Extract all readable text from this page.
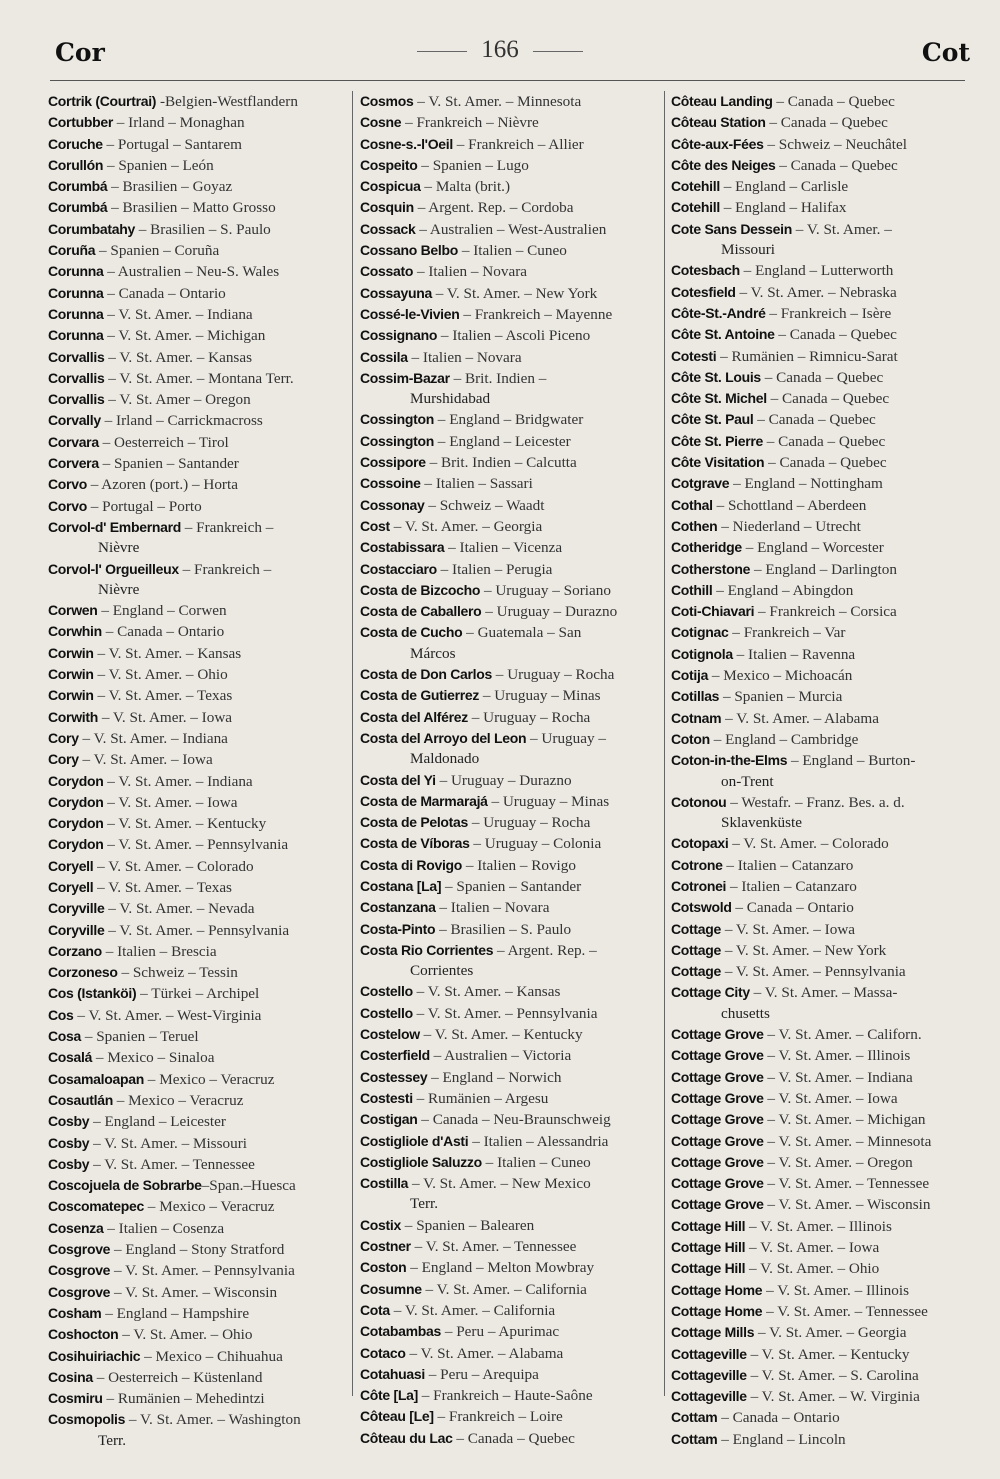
Cor	166	Cot
Cortrik (Courtrai) -Belgien-Westflandern
Cortubber – Irland – Monaghan
Coruche – Portugal – Santarem
Corullón – Spanien – León
Corumbá – Brasilien – Goyaz
Corumbá – Brasilien – Matto Grosso
Corumbatahy – Brasilien – S. Paulo
Coruña – Spanien – Coruña
Corunna – Australien – Neu-S. Wales
Corunna – Canada – Ontario
Corunna – V. St. Amer. – Indiana
Corunna – V. St. Amer. – Michigan
Corvallis – V. St. Amer. – Kansas
Corvallis – V. St. Amer. – Montana Terr.
Corvallis – V. St. Amer – Oregon
Corvally – Irland – Carrickmacross
Corvara – Oesterreich – Tirol
Corvera – Spanien – Santander
Corvo – Azoren (port.) – Horta
Corvo – Portugal – Porto
Corvol-d' Embernard – Frankreich –
Nièvre
Corvol-l' Orgueilleux – Frankreich –
Nièvre
Corwen – England – Corwen
Corwhin – Canada – Ontario
Corwin – V. St. Amer. – Kansas
Corwin – V. St. Amer. – Ohio
Corwin – V. St. Amer. – Texas
Corwith – V. St. Amer. – Iowa
Cory – V. St. Amer. – Indiana
Cory – V. St. Amer. – Iowa
Corydon – V. St. Amer. – Indiana
Corydon – V. St. Amer. – Iowa
Corydon – V. St. Amer. – Kentucky
Corydon – V. St. Amer. – Pennsylvania
Coryell – V. St. Amer. – Colorado
Coryell – V. St. Amer. – Texas
Coryville – V. St. Amer. – Nevada
Coryville – V. St. Amer. – Pennsylvania
Corzano – Italien – Brescia
Corzoneso – Schweiz – Tessin
Cos (Istanköi) – Türkei – Archipel
Cos – V. St. Amer. – West-Virginia
Cosa – Spanien – Teruel
Cosalá – Mexico – Sinaloa
Cosamaloapan – Mexico – Veracruz
Cosautlán – Mexico – Veracruz
Cosby – England – Leicester
Cosby – V. St. Amer. – Missouri
Cosby – V. St. Amer. – Tennessee
Coscojuela de Sobrarbe–Span.–Huesca
Coscomatepec – Mexico – Veracruz
Cosenza – Italien – Cosenza
Cosgrove – England – Stony Stratford
Cosgrove – V. St. Amer. – Pennsylvania
Cosgrove – V. St. Amer. – Wisconsin
Cosham – England – Hampshire
Coshocton – V. St. Amer. – Ohio
Cosihuiriachic – Mexico – Chihuahua
Cosina – Oesterreich – Küstenland
Cosmiru – Rumänien – Mehedintzi
Cosmopolis – V. St. Amer. – Washington
Terr.
Cosmos – V. St. Amer. – Minnesota
Cosne – Frankreich – Nièvre
Cosne-s.-l'Oeil – Frankreich – Allier
Cospeito – Spanien – Lugo
Cospicua – Malta (brit.)
Cosquin – Argent. Rep. – Cordoba
Cossack – Australien – West-Australien
Cossano Belbo – Italien – Cuneo
Cossato – Italien – Novara
Cossayuna – V. St. Amer. – New York
Cossé-le-Vivien – Frankreich – Mayenne
Cossignano – Italien – Ascoli Piceno
Cossila – Italien – Novara
Cossim-Bazar – Brit. Indien –
Murshidabad
Cossington – England – Bridgwater
Cossington – England – Leicester
Cossipore – Brit. Indien – Calcutta
Cossoine – Italien – Sassari
Cossonay – Schweiz – Waadt
Cost – V. St. Amer. – Georgia
Costabissara – Italien – Vicenza
Costacciaro – Italien – Perugia
Costa de Bizcocho – Uruguay – Soriano
Costa de Caballero – Uruguay – Durazno
Costa de Cucho – Guatemala – San
Márcos
Costa de Don Carlos – Uruguay – Rocha
Costa de Gutierrez – Uruguay – Minas
Costa del Alférez – Uruguay – Rocha
Costa del Arroyo del Leon – Uruguay –
Maldonado
Costa del Yi – Uruguay – Durazno
Costa de Marmarajá – Uruguay – Minas
Costa de Pelotas – Uruguay – Rocha
Costa de Víboras – Uruguay – Colonia
Costa di Rovigo – Italien – Rovigo
Costana [La] – Spanien – Santander
Costanzana – Italien – Novara
Costa-Pinto – Brasilien – S. Paulo
Costa Rio Corrientes – Argent. Rep. –
Corrientes
Costello – V. St. Amer. – Kansas
Costello – V. St. Amer. – Pennsylvania
Costelow – V. St. Amer. – Kentucky
Costerfield – Australien – Victoria
Costessey – England – Norwich
Costesti – Rumänien – Argesu
Costigan – Canada – Neu-Braunschweig
Costigliole d'Asti – Italien – Alessandria
Costigliole Saluzzo – Italien – Cuneo
Costilla – V. St. Amer. – New Mexico
Terr.
Costix – Spanien – Balearen
Costner – V. St. Amer. – Tennessee
Coston – England – Melton Mowbray
Cosumne – V. St. Amer. – California
Cota – V. St. Amer. – California
Cotabambas – Peru – Apurimac
Cotaco – V. St. Amer. – Alabama
Cotahuasi – Peru – Arequipa
Côte [La] – Frankreich – Haute-Saône
Côteau [Le] – Frankreich – Loire
Côteau du Lac – Canada – Quebec
Côteau Landing – Canada – Quebec
Côteau Station – Canada – Quebec
Côte-aux-Fées – Schweiz – Neuchâtel
Côte des Neiges – Canada – Quebec
Cotehill – England – Carlisle
Cotehill – England – Halifax
Cote Sans Dessein – V. St. Amer. –
Missouri
Cotesbach – England – Lutterworth
Cotesfield – V. St. Amer. – Nebraska
Côte-St.-André – Frankreich – Isère
Côte St. Antoine – Canada – Quebec
Cotesti – Rumänien – Rimnicu-Sarat
Côte St. Louis – Canada – Quebec
Côte St. Michel – Canada – Quebec
Côte St. Paul – Canada – Quebec
Côte St. Pierre – Canada – Quebec
Côte Visitation – Canada – Quebec
Cotgrave – England – Nottingham
Cothal – Schottland – Aberdeen
Cothen – Niederland – Utrecht
Cotheridge – England – Worcester
Cotherstone – England – Darlington
Cothill – England – Abingdon
Coti-Chiavari – Frankreich – Corsica
Cotignac – Frankreich – Var
Cotignola – Italien – Ravenna
Cotija – Mexico – Michoacán
Cotillas – Spanien – Murcia
Cotnam – V. St. Amer. – Alabama
Coton – England – Cambridge
Coton-in-the-Elms – England – Burton-
on-Trent
Cotonou – Westafr. – Franz. Bes. a. d.
Sklavenküste
Cotopaxi – V. St. Amer. – Colorado
Cotrone – Italien – Catanzaro
Cotronei – Italien – Catanzaro
Cotswold – Canada – Ontario
Cottage – V. St. Amer. – Iowa
Cottage – V. St. Amer. – New York
Cottage – V. St. Amer. – Pennsylvania
Cottage City – V. St. Amer. – Massa-
chusetts
Cottage Grove – V. St. Amer. – Californ.
Cottage Grove – V. St. Amer. – Illinois
Cottage Grove – V. St. Amer. – Indiana
Cottage Grove – V. St. Amer. – Iowa
Cottage Grove – V. St. Amer. – Michigan
Cottage Grove – V. St. Amer. – Minnesota
Cottage Grove – V. St. Amer. – Oregon
Cottage Grove – V. St. Amer. – Tennessee
Cottage Grove – V. St. Amer. – Wisconsin
Cottage Hill – V. St. Amer. – Illinois
Cottage Hill – V. St. Amer. – Iowa
Cottage Hill – V. St. Amer. – Ohio
Cottage Home – V. St. Amer. – Illinois
Cottage Home – V. St. Amer. – Tennessee
Cottage Mills – V. St. Amer. – Georgia
Cottageville – V. St. Amer. – Kentucky
Cottageville – V. St. Amer. – S. Carolina
Cottageville – V. St. Amer. – W. Virginia
Cottam – Canada – Ontario
Cottam – England – Lincoln
